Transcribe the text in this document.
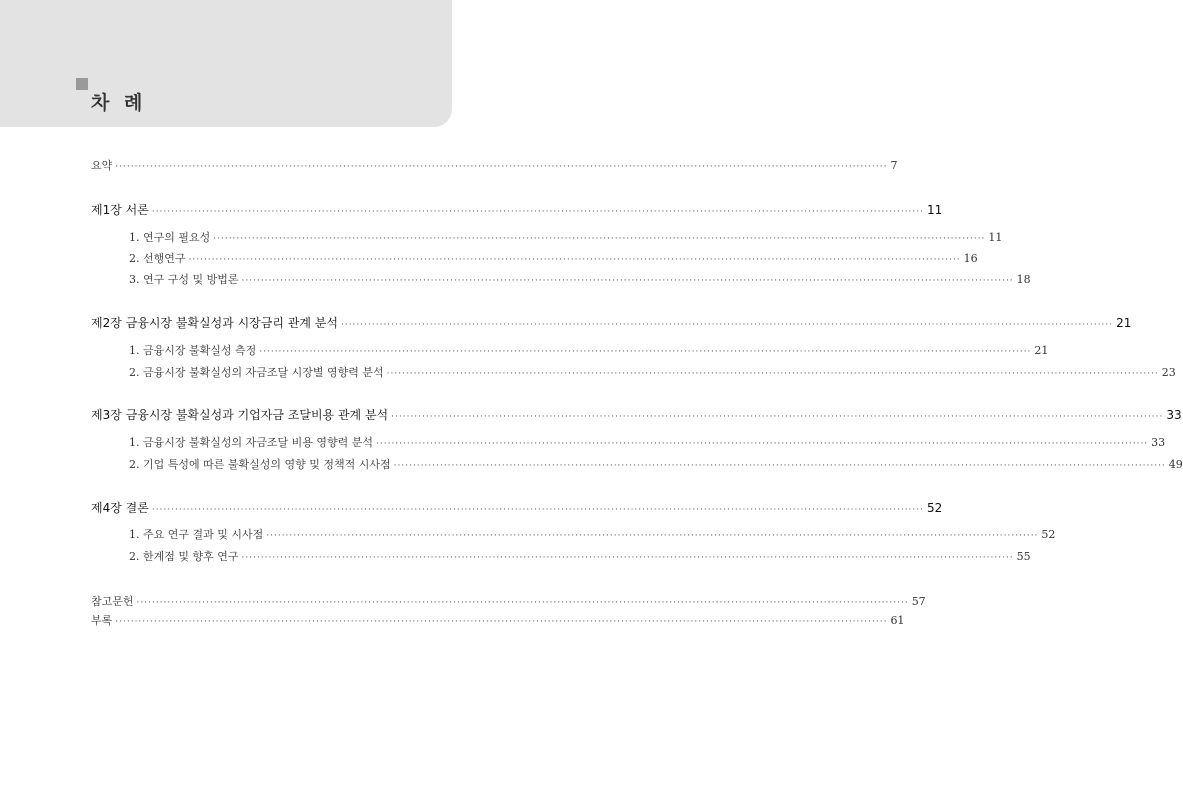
차 례
요약 ········································································································································································································ 7
제1장 서론 ········································································································································································································ 11
1. 연구의 필요성 ········································································································································································································ 11
2. 선행연구 ········································································································································································································ 16
3. 연구 구성 및 방법론 ········································································································································································································ 18
제2장 금융시장 불확실성과 시장금리 관계 분석 ········································································································································································································ 21
1. 금융시장 불확실성 측정 ········································································································································································································ 21
2. 금융시장 불확실성의 자금조달 시장별 영향력 분석 ········································································································································································································ 23
제3장 금융시장 불확실성과 기업자금 조달비용 관계 분석 ········································································································································································································ 33
1. 금융시장 불확실성의 자금조달 비용 영향력 분석 ········································································································································································································ 33
2. 기업 특성에 따른 불확실성의 영향 및 정책적 시사점 ········································································································································································································ 49
제4장 결론 ········································································································································································································ 52
1. 주요 연구 결과 및 시사점 ········································································································································································································ 52
2. 한계점 및 향후 연구 ········································································································································································································ 55
참고문헌 ········································································································································································································ 57
부록 ········································································································································································································ 61
